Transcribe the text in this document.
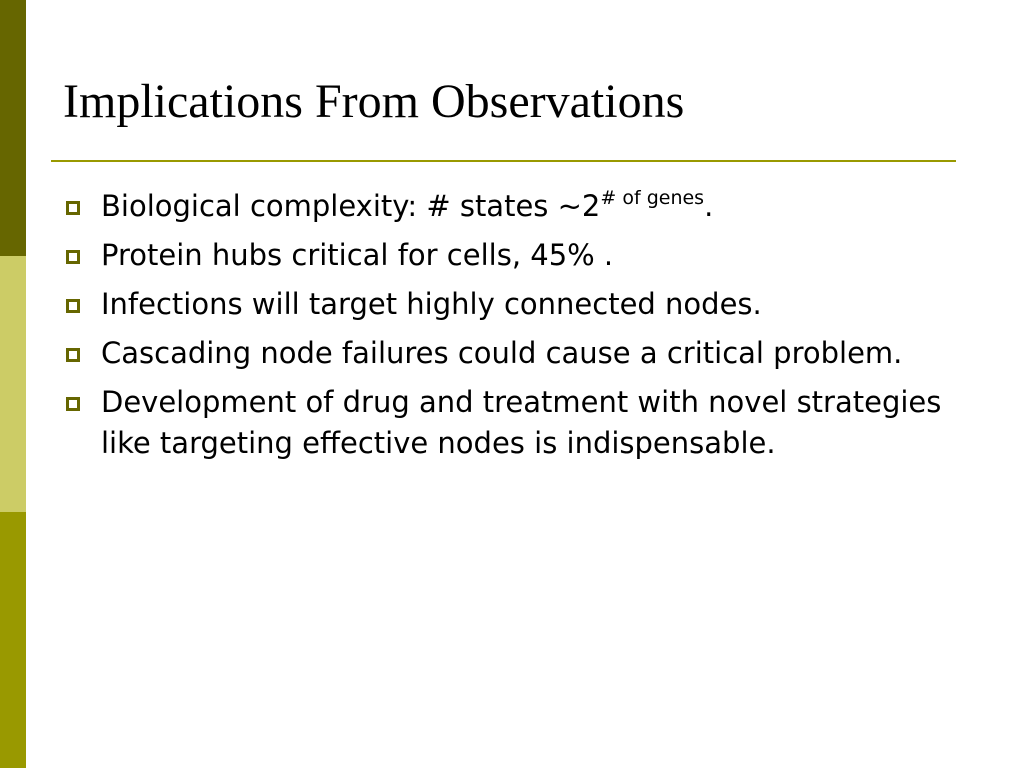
Implications From Observations
Biological complexity: # states $\sim 2^{\# of genes}$.
Protein hubs critical for cells, 45% .
Infections will target highly connected nodes.
Cascading node failures could cause a critical problem.
Development of drug and treatment with novel strategies like targeting effective nodes is indispensable.
